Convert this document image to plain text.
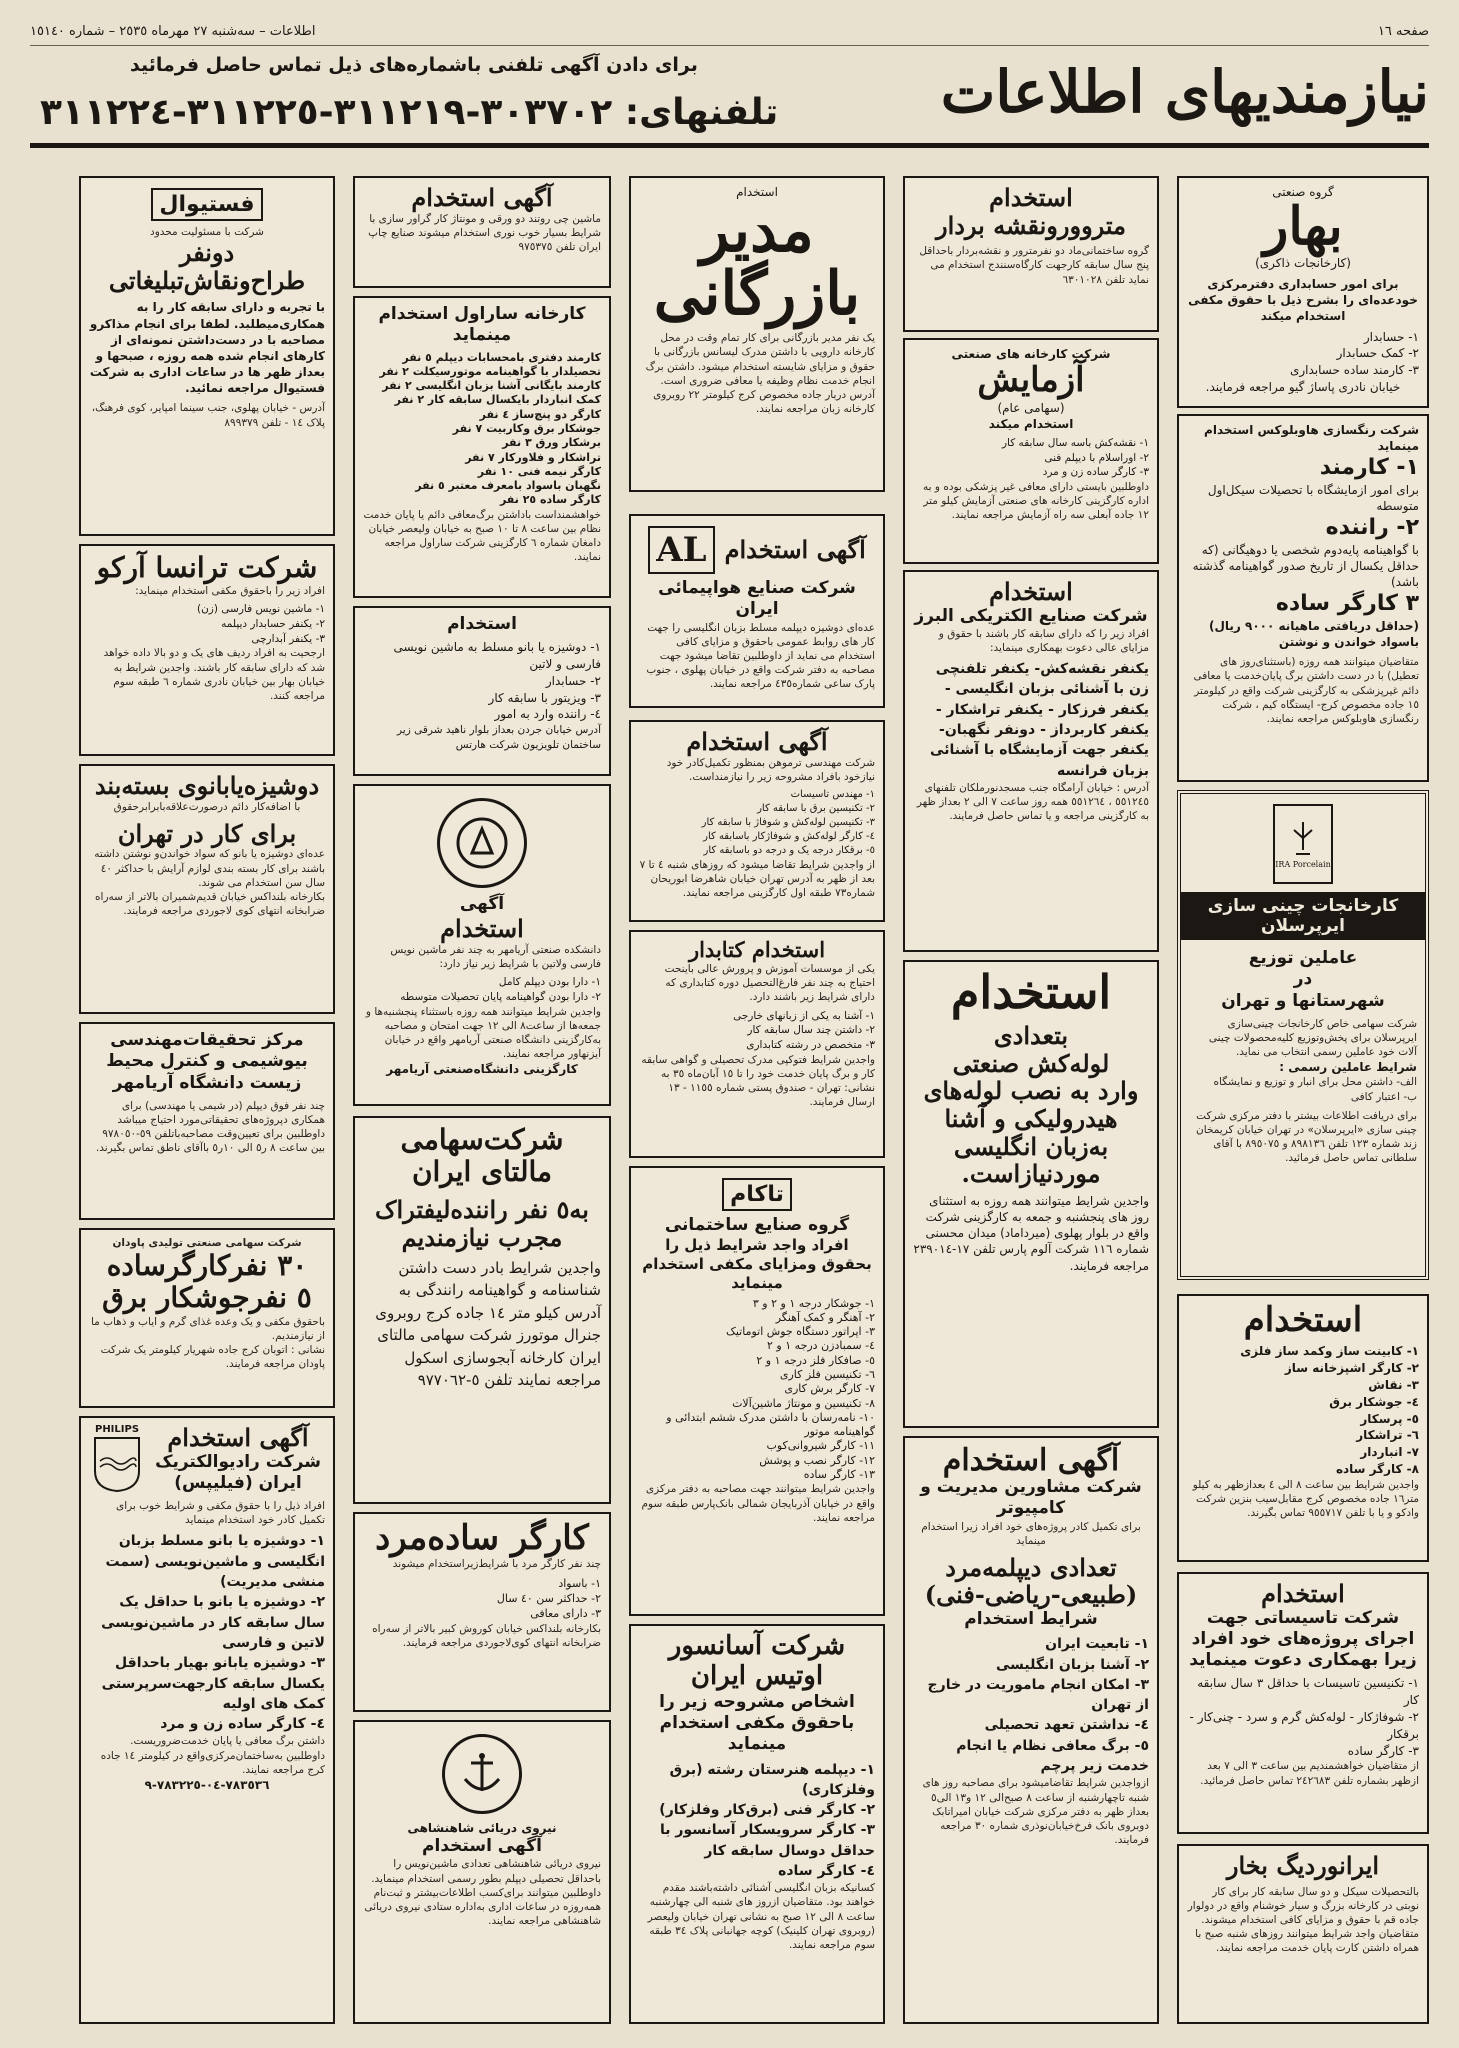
صفحه ١٦
اطلاعات – سه‌شنبه ٢٧ مهرماه ٢٥٣٥ – شماره ١٥١٤٠
نیازمندیهای اطلاعات
برای دادن آگهی تلفنی باشماره‌های ذیل تماس حاصل فرمائید
تلفنهای: ٣٠٣٧٠٢-٣١١٢١٩-٣١١٢٢٥-٣١١٢٢٤
گروه صنعتی
بهار
(کارخانجات ذاکری)
برای امور حسابداری دفترمرکزی خودعده‌ای را بشرح ذیل با حقوق مکفی استخدام میکند
١- حسابدار
٢- کمک حسابدار
٣- کارمند ساده حسابداری
خیابان نادری پاساژ گیو مراجعه فرمایند.
شرکت رنگسازی هاوبلوکس استخدام مینماید
١- کارمند
برای امور ازمایشگاه با تحصیلات سیکل‌اول متوسطه
٢- راننده
با گواهینامه پایه‌دوم شخصی یا دوهیگانی (که حداقل یکسال از تاریخ صدور گواهینامه گذشته باشد)
٣ کارگر ساده
(حداقل دریافتی ماهیانه ٩٠٠٠ ریال) باسواد خواندن و نوشتن
متقاضیان میتوانند همه روزه (باستثنای‌روز های تعطیل) با در دست داشتن برگ پایان‌خدمت یا معافی دائم غیرپزشکی به کارگزینی شرکت واقع در کیلومتر ١٥ جاده مخصوص کرج- ایستگاه کیم ، شرکت رنگسازی هاوبلوکس مراجعه نمایند.
IRA Porcelain
کارخانجات چینی سازی ایرپرسلان
عاملین توزیع
در
شهرستانها و تهران
شرکت سهامی خاص کارخانجات چینی‌سازی ایرپرسلان برای پخش‌وتوزیع کلیه‌محصولات چینی آلات خود عاملین رسمی انتخاب می نماید.
شرایط عاملین رسمی :
الف- داشتن محل برای انبار و توزیع و نمایشگاه
ب- اعتبار کافی
برای دریافت اطلاعات بیشتر با دفتر مرکزی شرکت چینی سازی «ایرپرسلان» در تهران خیابان کریمخان زند شماره ١٢٣ تلفن ٨٩٨١٣٦ و ٨٩٥٠٧٥ با آقای سلطانی تماس حاصل فرمائید.
استخدام
١- کابینت ساز وکمد ساز فلزی
٢- کارگر اشپزخانه ساز
٣- نقاش
٤- جوشکار برق
٥- پرسکار
٦- تراشکار
٧- انباردار
٨- کارگر ساده
واجدین شرایط بین ساعت ٨ الی ٤ بعدازظهر به کیلو متر١٦ جاده مخصوص کرج مقابل‌سیب بنزین شرکت وادکو و یا با تلفن ٩٥٥٧١٧ تماس بگیرند.
استخدام
شرکت تاسیساتی جهت اجرای پروژه‌های خود افراد زیرا بهمکاری دعوت مینماید
١- تکنیسین تاسیسات با حداقل ٣ سال سابقه کار
٢- شوفاژکار - لوله‌کش گرم و سرد - چنی‌کار - برقکار
٣- کارگر ساده
از متقاضیان خواهشمندیم بین ساعت ٣ الی ٧ بعد ازظهر بشماره تلفن ٢٤٢٦٨٣ تماس حاصل فرمائید.
ایرانوردیگ بخار
بالتحصیلات سیکل و دو سال سابقه کار برای کار نوبتی در کارخانه بزرگ و سیار خوشنام واقع در دولوار جاده قم با حقوق و مزایای کافی استخدام میشوند. متقاضیان واجد شرایط میتوانند روزهای شنبه صبح با همراه داشتن کارت پایان خدمت مراجعه نمایند.
استخدام
متروورونقشه بردار
گروه ساختمانی‌ماد دو نفرمترور و نقشه‌بردار باحداقل پنج سال سابقه کارجهت کارگاه‌سنندج استخدام می نماید تلفن ٦٣٠١٠٢٨
شرکت کارخانه های صنعتی
آزمایش
(سهامی عام)
استخدام میکند
١- نقشه‌کش باسه سال سابقه کار
٢- اوراسلام با دیپلم فنی
٣- کارگر ساده زن و مرد
داوطلبین بایستی دارای معافی غیر پزشکی بوده و به اداره کارگزینی کارخانه های صنعتی آزمایش کیلو متر ١٢ جاده آبعلی سه راه آزمایش مراجعه نمایند.
استخدام
شرکت صنایع الکتریکی البرز
افراد زیر را که دارای سابقه کار باشند با حقوق و مزایای عالی دعوت بهمکاری مینماید:
یکنفر نقشه‌کش- یکنفر تلفنچی
زن با آشنائی بزبان انگلیسی -
یکنفر فرزکار - یکنفر تراشکار -
یکنفر کاربرداز - دونفر نگهبان-
یکنفر جهت آزمایشگاه با آشنائی
بزبان فرانسه
آدرس : خیابان آرامگاه جنب مسجدنورملکان تلفنهای ٥٥١٢٤٥ ، ٥٥١٢٦٤ همه روز ساعت ٧ الی ٢ بعداز ظهر به کارگزینی مراجعه و یا تماس حاصل فرمایند.
استخدام
بتعدادی
لوله‌کش صنعتی
وارد به نصب لوله‌های
هیدرولیکی و آشنا
به‌زبان انگلیسی
موردنیازاست.
واجدین شرایط میتوانند همه روزه به استثنای روز های پنجشنبه و جمعه به کارگزینی شرکت واقع در بلوار پهلوی (میرداماد) میدان محسنی شماره ١١٦ شرکت آلوم پارس تلفن ١٧-٢٣٩٠١٤ مراجعه فرمایند.
آگهی استخدام
شرکت مشاورین مدیریت و کامپیوتر
برای تکمیل کادر پروژه‌های خود افراد زیرا استخدام مینماید
تعدادی دیپلمه‌مرد
(طبیعی-ریاضی-فنی)
شرایط استخدام
١- تابعیت ایران
٢- آشنا بزبان انگلیسی
٣- امکان انجام ماموریت در خارج از تهران
٤- نداشتن تعهد تحصیلی
٥- برگ معافی نظام یا انجام خدمت زیر پرچم
ازواجدین شرایط تقاضامیشود برای مصاحبه روز های شنبه تاچهارشنبه از ساعت ٨ صبح‌الی ١٢ و١٣ الی٥ بعداز ظهر به دفتر مرکزی شرکت خیابان امیراتابک دوبروی بانک فرخ‌خیابان‌نوذری شماره ٣٠ مراجعه فرمایند.
استخدام
مدیر بازرگانی
یک نفر مدیر بازرگانی برای کار تمام وقت در محل کارخانه دارویی با داشتن مدرک لیسانس بازرگانی با حقوق و مزایای شایسته استخدام میشود. داشتن برگ انجام خدمت نظام وظیفه یا معافی ضروری است.
آدرس دربار جاده مخصوص کرج کیلومتر ٢٢ روبروی کارخانه زبان مراجعه نمایند.
آگهی استخدام
AL
شرکت صنایع هواپیمائی ایران
عده‌ای دوشیزه دیپلمه مسلط بزبان انگلیسی را جهت کار های روابط عمومی باحقوق و مزایای کافی استخدام می نماید از داوطلبین تقاضا میشود جهت مصاحبه به دفتر شرکت واقع در خیابان پهلوی ، جنوب پارک ساعی شماره٤٣٥ مراجعه نمایند.
آگهی استخدام
شرکت مهندسی ترموهن بمنظور تکمیل‌کادر خود نیازخود بافراد مشروحه زیر را نیازمنداست.
١- مهندس تاسیسات
٢- تکنیسین برق با سابقه کار
٣- تکنیسین لوله‌کش و شوفاژ با سابقه کار
٤- کارگر لوله‌کش و شوفاژکار باسابقه کار
٥- برقکار درجه یک و درجه دو باسابقه کار
از واجدین شرایط تقاضا میشود که روزهای شنبه ٤ تا ٧ بعد از ظهر به آدرس تهران خیابان شاهرضا ابوریحان شماره٧٣ طبقه اول کارگزینی مراجعه نمایند.
استخدام کتابدار
یکی از موسسات آموزش و پرورش عالی باینحت احتیاج به چند نفر فارغ‌التحصیل دوره کتابداری که دارای شرایط زیر باشند دارد.
١- آشنا به یکی از زبانهای خارجی
٢- داشتن چند سال سابقه کار
٣- متخصص در رشته کتابداری
واجدین شرایط فتوکپی مدرک تحصیلی و گواهی سابقه کار و برگ پایان خدمت خود را تا ١٥ آبان‌ماه ٣٥ به نشانی: تهران - صندوق پستی شماره ١١٥٥ - ١٣ ارسال فرمایند.
تاکام
گروه صنایع ساختمانی
افراد واجد شرایط ذیل را بحقوق ومزایای مکفی استخدام مینماید
١- جوشکار درجه ١ و ٢ و ٣
٢- آهنگر و کمک آهنگر
٣- اپراتور دستگاه جوش اتوماتیک
٤- سمبادزن درجه ١ و ٢
٥- صافکار فلز درجه ١ و ٢
٦- تکنیسین فلز کاری
٧- کارگر برش کاری
٨- تکنیسین و مونتاژ ماشین‌آلات
١٠- نامه‌رسان با داشتن مدرک ششم ابتدائی و گواهینامه موتور
١١- کارگر شیروانی‌کوب
١٢- کارگر نصب و پوشش
١٣- کارگر ساده
واجدین شرایط میتوانند جهت مصاحبه به دفتر مرکزی واقع در خیابان آذربایجان شمالی بانک‌پارس طبقه سوم مراجعه نمایند.
شرکت آسانسور اوتیس ایران
اشخاص مشروحه زیر را باحقوق مکفی استخدام مینماید
١- دیپلمه هنرستان رشته (برق وفلزکاری)
٢- کارگر فنی (برق‌کار وفلزکار)
٣- کارگر سرویسکار آسانسور با حداقل دوسال سابقه کار
٤- کارگر ساده
کسانیکه بزبان انگلیسی آشنائی داشته‌باشند مقدم خواهند بود. متقاضیان ازروز های شنبه الی چهارشنبه ساعت ٨ الی ١٢ صبح به نشانی تهران خیابان ولیعصر (روبروی تهران کلینیک) کوچه جهانبانی پلاک ٣٤ طبقه سوم مراجعه نمایند.
آگهی استخدام
ماشین‌ چی روتند دو ورقی و مونتاژ کار گراور سازی با شرایط بسیار خوب نوری استخدام میشوند صنایع چاپ ایران تلفن ٩٧٥٣٧٥
کارخانه ساراول استخدام مینماید
کارمند دفتری بامحسابات دیپلم ٥ نفر
تحصیلدار با گواهینامه موتورسیکلت ٢ نفر
کارمند بایگانی آشنا بزبان انگلیسی ٢ نفر
کمک انباردار بایکسال سابقه کار ٢ نفر
کارگر دو پنچ‌ساز ٤ نفر
جوشکار برق وکاربیت ٧ نفر
برشکار ورق ٣ نفر
تراشکار و فلاورکار ٧ نفر
کارگر نیمه فنی ١٠ نفر
نگهبان باسواد بامعرف معتبر ٥ نفر
کارگر ساده ٢٥ نفر
خواهشمند‌است‌ باداشتن برگ‌معافی دائم یا پایان خدمت نظام بین ساعت ٨ تا ١٠ صبح به خیابان ولیعصر خیابان دامغان شماره ٦ کارگزینی شرکت ساراول مراجعه نمایند.
استخدام
١- دوشیزه یا بانو مسلط به ماشین نویسی فارسی و لاتین
٢- حسابدار
٣- ویزیتور با سابقه کار
٤- راننده وارد به امور
آدرس خیابان جردن بعداز بلوار ناهید شرقی زیر ساختمان تلویزیون شرکت هارتس
آگهی
استخدام
دانشکده صنعتی آریامهر به چند نفر ماشین نویس فارسی ولاتین با شرایط زیر نیاز دارد:
١- دارا بودن دیپلم کامل
٢- دارا بودن گواهینامه پایان تحصیلات متوسطه
واجدین شرایط میتوانند همه روزه باستثناء پنجشنبه‌ها و جمعه‌ها از ساعت٨ الی ١٢ جهت امتحان و مصاحبه به‌کارگزینی دانشگاه صنعتی آریامهر واقع در خیابان آیزنهاور مراجعه نمایند.
کارگزینی دانشگاه‌صنعتی آریامهر
شرکت‌سهامی مالتای ایران
به٥ نفر راننده‌لیفتراک مجرب نیازمندیم
واجدین شرایط بادر دست داشتن شناسنامه و گواهینامه رانندگی به آدرس کیلو متر ١٤ جاده کرج روبروی جنرال موتورز شرکت سهامی مالتای ایران کارخانه آبجوسازی اسکول مراجعه نمایند تلفن ٥-٩٧٧٠٦٢
کارگر ساده‌مرد
چند نفر کارگر مرد با شرایط‌زیر‌استخدام میشوند
١- باسواد
٢- حداکثر سن ٤٠ سال
٣- دارای معافی
بکارخانه بلنداکس خیابان کوروش کبیر بالاتر از سه‌راه ضرابخانه انتهای کوی‌لاجوردی مراجعه فرمایند.
نیروی دریائی شاهنشاهی
آگهی استخدام
نیروی دریائی شاهنشاهی تعدادی ماشین‌نویس را باحداقل تحصیلی دیپلم بطور رسمی استخدام مینماید.
داوطلبین میتوانند برای‌کسب اطلاعات‌بیشتر و ثبت‌نام همه‌روزه در ساعات اداری به‌اداره ستادی نیروی دریائی شاهنشاهی مراجعه نمایند.
فستیوال
شرکت با مسئولیت محدود
دونفر طراح‌ونقاش‌تبلیغاتی
با تجربه و دارای سابقه کار را به همکاری‌میطلبد. لطفا برای انجام مذاکرو مصاحبه با در دست‌داشتن نمونه‌ای از کارهای انجام شده همه روزه ، صبحها و بعداز ظهر ها در ساعات اداری به شرکت فستیوال مراجعه نمائید.
آدرس - خیابان پهلوی، جنب سینما امپایر، کوی فرهنگ، پلاک ١٤ - تلفن ٨٩٩٣٧٩
شرکت ترانسا آرکو
افراد زیر را باحقوق مکفی استخدام مینماید:
١- ماشین نویس فارسی (زن)
٢- یکنفر حسابدار دیپلمه
٣- یکنفر آبدارچی
ارجحیت به افراد ردیف های یک و دو بالا داده خواهد شد که دارای سابقه کار باشند. واجدین شرایط به خیابان بهار بین خیابان نادری شماره ٦ طبقه سوم مراجعه کنند.
دوشیزه‌یابانوی بسته‌بند
با اضافه‌کار دائم درصورت‌علاقه‌بابرابر‌حقوق
برای کار در تهران
عده‌ای دوشیزه یا بانو که سواد خواندن‌و نوشتن داشته باشند برای کار بسته بندی لوازم آرایش با حداکثر ٤٠ سال سن استخدام می شوند.
بکارخانه بلنداکس خیابان قدیم‌شمیران بالاتر از سه‌راه ضرابخانه انتهای کوی لاجوردی مراجعه فرمایند.
مرکز تحقیقات‌مهندسی بیوشیمی و کنترل محیط زیست دانشگاه آریامهر
چند نفر فوق دیپلم (در شیمی یا مهندسی) برای همکاری دپروژه‌های تحقیقاتی‌مورد احتیاج میباشد داوطلبین برای تعیین‌وقت مصاحبه‌باتلفن ٥٩-٩٧٨٠٥٠ بین ساعت ٨ ر٥ الی ١٠ر٥ باآقای ناطق تماس بگیرند.
شرکت سهامی صنعتی تولیدی پاودان
٣٠ نفرکارگرساده
٥ نفرجوشکار برق
باحقوق مکفی و یک وعده غذای گرم و ایاب و ذهاب ما از نیازمندیم.
نشانی : اتوبان کرج جاده شهریار کیلومتر یک شرکت پاودان مراجعه فرمایند.
آگهی استخدام
شرکت رادیوالکتریک ایران (فیلیپس)
PHILIPS
افراد ذیل را با حقوق مکفی و شرایط خوب برای تکمیل کادر خود استخدام مینماید
١- دوشیزه یا بانو مسلط بزبان انگلیسی و ماشین‌نویسی (سمت منشی مدیریت)
٢- دوشیزه یا بانو با حداقل یک سال سابقه کار در ماشین‌نویسی لاتین و فارسی
٣- دوشیزه یابانو بهیار باحداقل یکسال سابقه کارجهت‌سرپرستی کمک های اولیه
٤- کارگر ساده زن و مرد
داشتن برگ معافی یا پایان خدمت‌ضروریست. داوطلبین به‌ساختمان‌مرکزی‌واقع در کیلومتر ١٤ جاده کرج مراجعه نمایند.
٧٨٣٥٣٦-٠٤-٧٨٣٢٢٥-٩
